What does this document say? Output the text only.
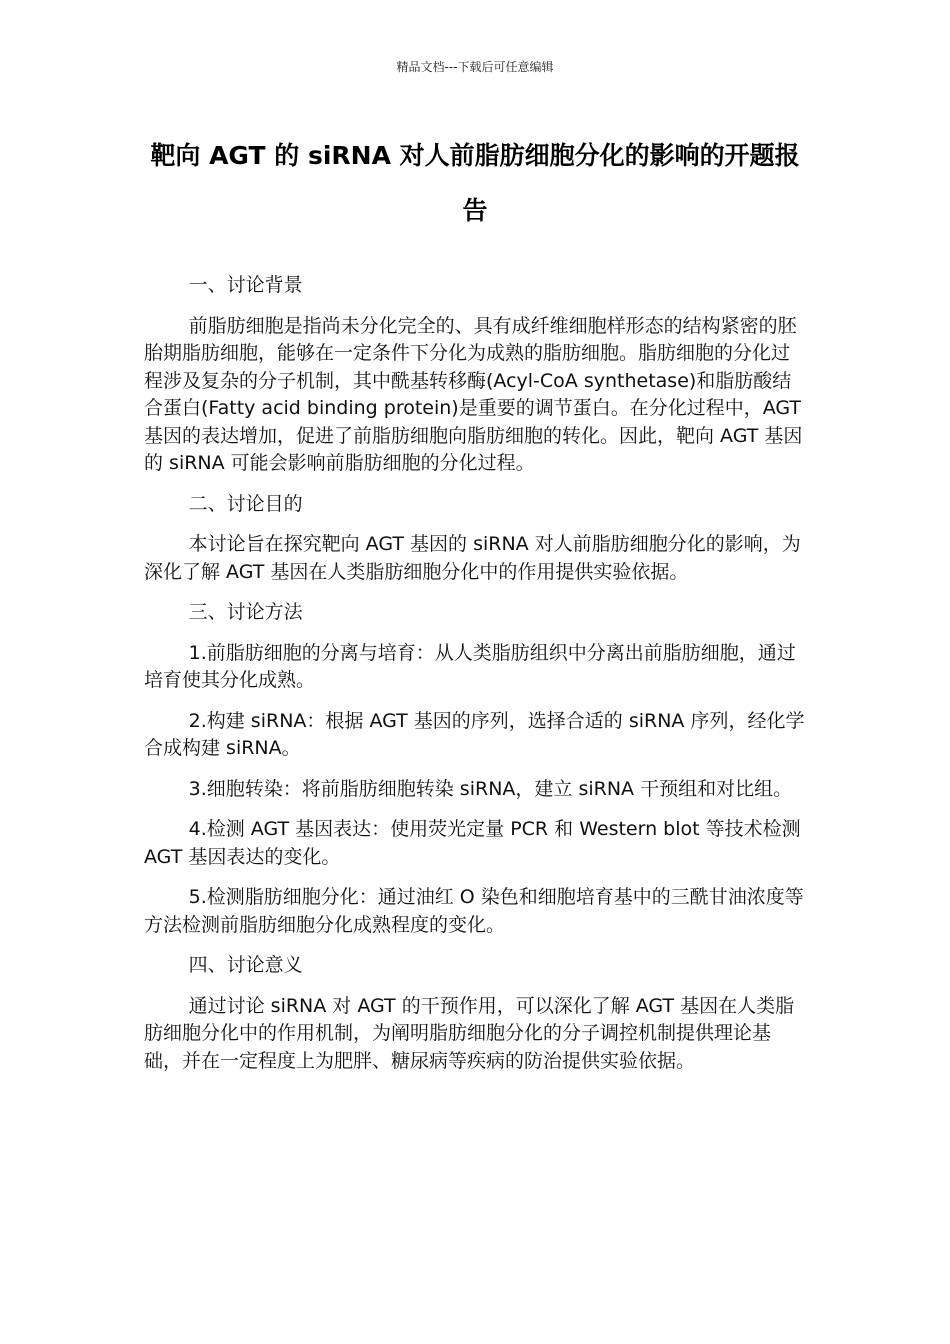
精品文档---下载后可任意编辑
靶向 AGT 的 siRNA 对人前脂肪细胞分化的影响的开题报告

一、讨论背景

前脂肪细胞是指尚未分化完全的、具有成纤维细胞样形态的结构紧密的胚胎期脂肪细胞，能够在一定条件下分化为成熟的脂肪细胞。脂肪细胞的分化过程涉及复杂的分子机制，其中酰基转移酶(Acyl-CoA synthetase)和脂肪酸结合蛋白(Fatty acid binding protein)是重要的调节蛋白。在分化过程中，AGT 基因的表达增加，促进了前脂肪细胞向脂肪细胞的转化。因此，靶向 AGT 基因的 siRNA 可能会影响前脂肪细胞的分化过程。

二、讨论目的

本讨论旨在探究靶向 AGT 基因的 siRNA 对人前脂肪细胞分化的影响，为深化了解 AGT 基因在人类脂肪细胞分化中的作用提供实验依据。

三、讨论方法

1.前脂肪细胞的分离与培育：从人类脂肪组织中分离出前脂肪细胞，通过培育使其分化成熟。

2.构建 siRNA：根据 AGT 基因的序列，选择合适的 siRNA 序列，经化学合成构建 siRNA。

3.细胞转染：将前脂肪细胞转染 siRNA，建立 siRNA 干预组和对比组。

4.检测 AGT 基因表达：使用荧光定量 PCR 和 Western blot 等技术检测 AGT 基因表达的变化。

5.检测脂肪细胞分化：通过油红 O 染色和细胞培育基中的三酰甘油浓度等方法检测前脂肪细胞分化成熟程度的变化。

四、讨论意义

通过讨论 siRNA 对 AGT 的干预作用，可以深化了解 AGT 基因在人类脂肪细胞分化中的作用机制，为阐明脂肪细胞分化的分子调控机制提供理论基础，并在一定程度上为肥胖、糖尿病等疾病的防治提供实验依据。
